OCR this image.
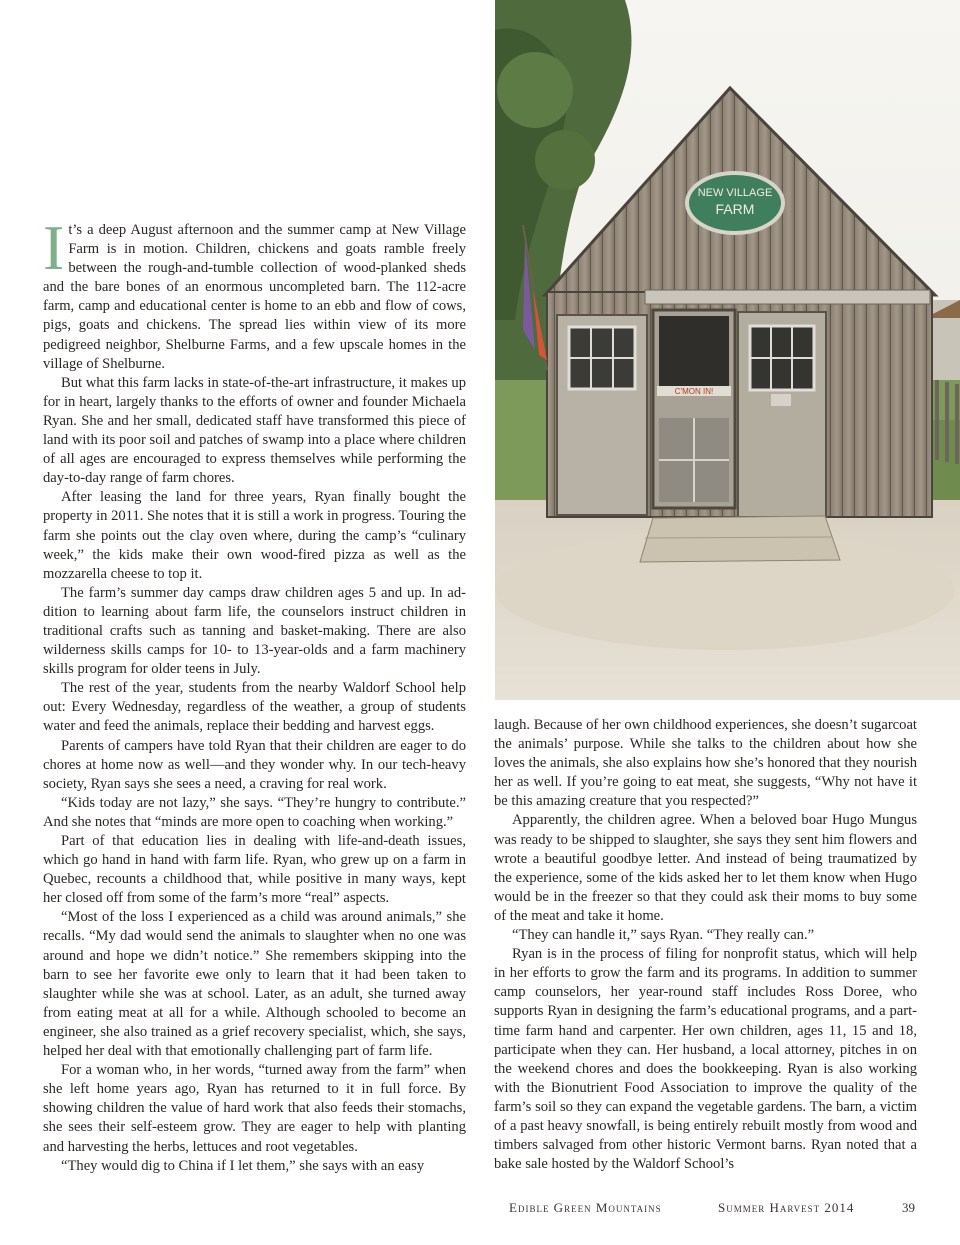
It’s a deep August afternoon and the summer camp at New Village Farm is in motion. Children, chickens and goats ramble freely between the rough-and-tumble collection of wood-planked sheds and the bare bones of an enormous uncompleted barn. The 112-acre farm, camp and educational center is home to an ebb and flow of cows, pigs, goats and chickens. The spread lies within view of its more pedigreed neighbor, Shelburne Farms, and a few upscale homes in the village of Shelburne.

But what this farm lacks in state-of-the-art infrastructure, it makes up for in heart, largely thanks to the efforts of owner and founder Michaela Ryan. She and her small, dedicated staff have transformed this piece of land with its poor soil and patches of swamp into a place where children of all ages are encouraged to express themselves while performing the day-to-day range of farm chores.

After leasing the land for three years, Ryan finally bought the property in 2011. She notes that it is still a work in progress. Touring the farm she points out the clay oven where, during the camp’s “culinary week,” the kids make their own wood-fired pizza as well as the mozzarella cheese to top it.

The farm’s summer day camps draw children ages 5 and up. In addition to learning about farm life, the counselors instruct children in traditional crafts such as tanning and basket-making. There are also wilderness skills camps for 10- to 13-year-olds and a farm machinery skills program for older teens in July.

The rest of the year, students from the nearby Waldorf School help out: Every Wednesday, regardless of the weather, a group of students water and feed the animals, replace their bedding and harvest eggs.

Parents of campers have told Ryan that their children are eager to do chores at home now as well—and they wonder why. In our tech-heavy society, Ryan says she sees a need, a craving for real work.

“Kids today are not lazy,” she says. “They’re hungry to contribute.” And she notes that “minds are more open to coaching when working.”

Part of that education lies in dealing with life-and-death issues, which go hand in hand with farm life. Ryan, who grew up on a farm in Quebec, recounts a childhood that, while positive in many ways, kept her closed off from some of the farm’s more “real” aspects.

“Most of the loss I experienced as a child was around animals,” she recalls. “My dad would send the animals to slaughter when no one was around and hope we didn’t notice.” She remembers skipping into the barn to see her favorite ewe only to learn that it had been taken to slaughter while she was at school. Later, as an adult, she turned away from eating meat at all for a while. Although schooled to become an engineer, she also trained as a grief recovery specialist, which, she says, helped her deal with that emotionally challenging part of farm life.

For a woman who, in her words, “turned away from the farm” when she left home years ago, Ryan has returned to it in full force. By showing children the value of hard work that also feeds their stomachs, she sees their self-esteem grow. They are eager to help with planting and harvesting the herbs, lettuces and root vegetables.

“They would dig to China if I let them,” she says with an easy

NEW VILLAGE
FARM
C'MON IN!

laugh. Because of her own childhood experiences, she doesn’t sugarcoat the animals’ purpose. While she talks to the children about how she loves the animals, she also explains how she’s honored that they nourish her as well. If you’re going to eat meat, she suggests, “Why not have it be this amazing creature that you respected?”

Apparently, the children agree. When a beloved boar Hugo Mungus was ready to be shipped to slaughter, she says they sent him flowers and wrote a beautiful goodbye letter. And instead of being traumatized by the experience, some of the kids asked her to let them know when Hugo would be in the freezer so that they could ask their moms to buy some of the meat and take it home.

“They can handle it,” says Ryan. “They really can.”

Ryan is in the process of filing for nonprofit status, which will help in her efforts to grow the farm and its programs. In addition to summer camp counselors, her year-round staff includes Ross Doree, who supports Ryan in designing the farm’s educational programs, and a part-time farm hand and carpenter. Her own children, ages 11, 15 and 18, participate when they can. Her husband, a local attorney, pitches in on the weekend chores and does the bookkeeping. Ryan is also working with the Bionutrient Food Association to improve the quality of the farm’s soil so they can expand the vegetable gardens. The barn, a victim of a past heavy snowfall, is being entirely rebuilt mostly from wood and timbers salvaged from other historic Vermont barns. Ryan noted that a bake sale hosted by the Waldorf School’s

Edible Green Mountains	Summer Harvest 2014	39
